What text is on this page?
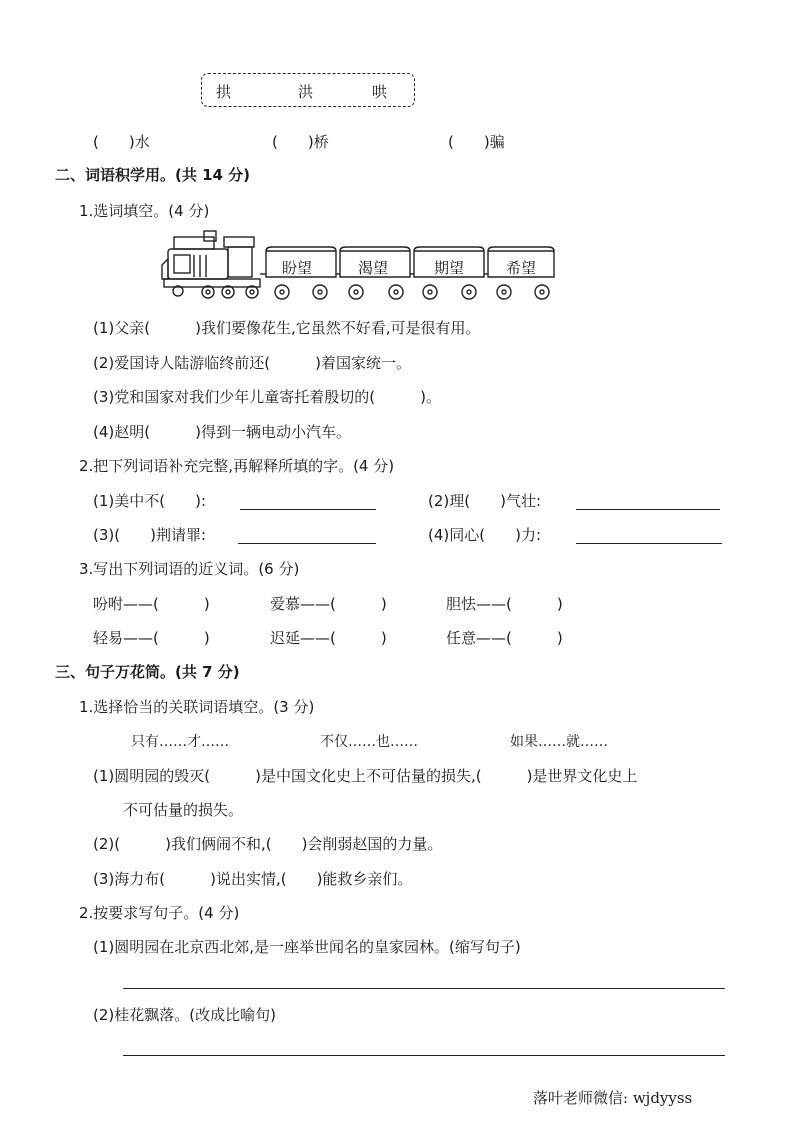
拱	洪	哄
(　　)水	(　　)桥	(　　)骗
二、词语积学用。(共 14 分)
1.选词填空。(4 分)
盼望	渴望	期望	希望
(1)父亲(　　　)我们要像花生,它虽然不好看,可是很有用。
(2)爱国诗人陆游临终前还(　　　)着国家统一。
(3)党和国家对我们少年儿童寄托着殷切的(　　　)。
(4)赵明(　　　)得到一辆电动小汽车。
2.把下列词语补充完整,再解释所填的字。(4 分)
(1)美中不(　　):	(2)理(　　)气壮:
(3)(　　)荆请罪:	(4)同心(　　)力:
3.写出下列词语的近义词。(6 分)
吩咐——(　　　)	爱慕——(　　　)	胆怯——(　　　)
轻易——(　　　)	迟延——(　　　)	任意——(　　　)
三、句子万花筒。(共 7 分)
1.选择恰当的关联词语填空。(3 分)
只有……才……	不仅……也……	如果……就……
(1)圆明园的毁灭(　　　)是中国文化史上不可估量的损失,(　　　)是世界文化史上
不可估量的损失。
(2)(　　　)我们俩闹不和,(　　)会削弱赵国的力量。
(3)海力布(　　　)说出实情,(　　)能救乡亲们。
2.按要求写句子。(4 分)
(1)圆明园在北京西北郊,是一座举世闻名的皇家园林。(缩写句子)
(2)桂花飘落。(改成比喻句)
落叶老师微信: wjdyyss
